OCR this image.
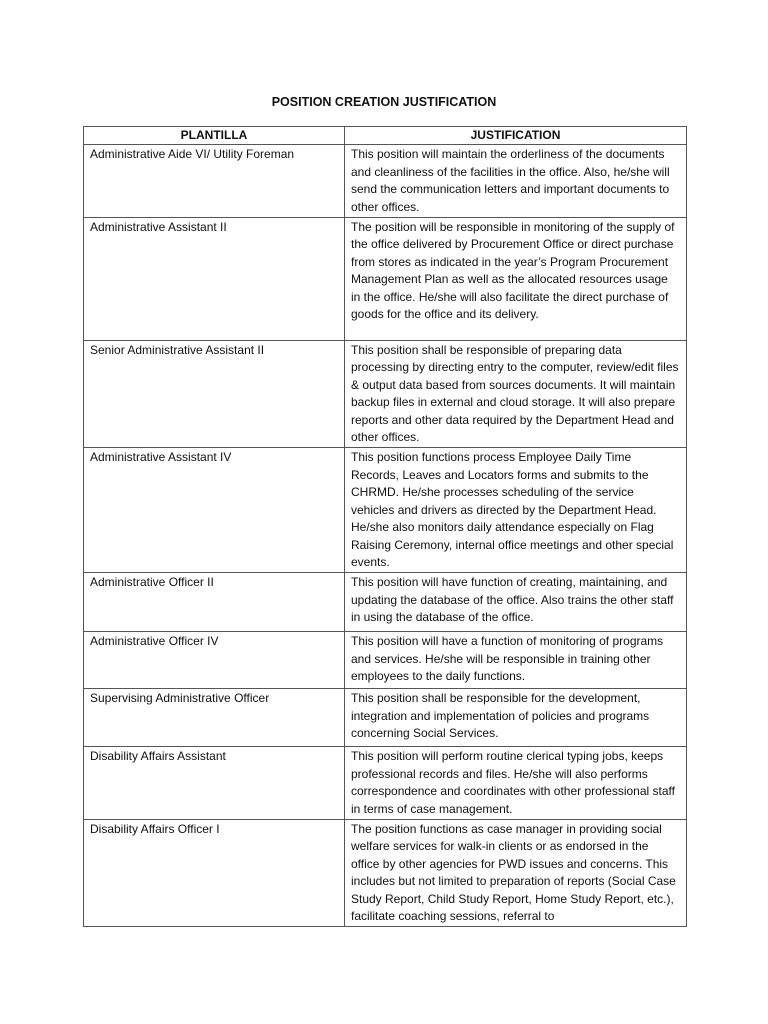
POSITION CREATION JUSTIFICATION
PLANTILLA	JUSTIFICATION
Administrative Aide VI/ Utility Foreman	This position will maintain the orderliness of the documents and cleanliness of the facilities in the office. Also, he/she will send the communication letters and important documents to other offices.
Administrative Assistant II	The position will be responsible in monitoring of the supply of the office delivered by Procurement Office or direct purchase from stores as indicated in the year’s Program Procurement Management Plan as well as the allocated resources usage in the office. He/she will also facilitate the direct purchase of goods for the office and its delivery.
Senior Administrative Assistant II	This position shall be responsible of preparing data processing by directing entry to the computer, review/edit files & output data based from sources documents. It will maintain backup files in external and cloud storage. It will also prepare reports and other data required by the Department Head and other offices.
Administrative Assistant IV	This position functions process Employee Daily Time Records, Leaves and Locators forms and submits to the CHRMD. He/she processes scheduling of the service vehicles and drivers as directed by the Department Head. He/she also monitors daily attendance especially on Flag Raising Ceremony, internal office meetings and other special events.
Administrative Officer II	This position will have function of creating, maintaining, and updating the database of the office. Also trains the other staff in using the database of the office.
Administrative Officer IV	This position will have a function of monitoring of programs and services. He/she will be responsible in training other employees to the daily functions.
Supervising Administrative Officer	This position shall be responsible for the development, integration and implementation of policies and programs concerning Social Services.
Disability Affairs Assistant	This position will perform routine clerical typing jobs, keeps professional records and files. He/she will also performs correspondence and coordinates with other professional staff in terms of case management.
Disability Affairs Officer I	The position functions as case manager in providing social welfare services for walk-in clients or as endorsed in the office by other agencies for PWD issues and concerns. This includes but not limited to preparation of reports (Social Case Study Report, Child Study Report, Home Study Report, etc.), facilitate coaching sessions, referral to
